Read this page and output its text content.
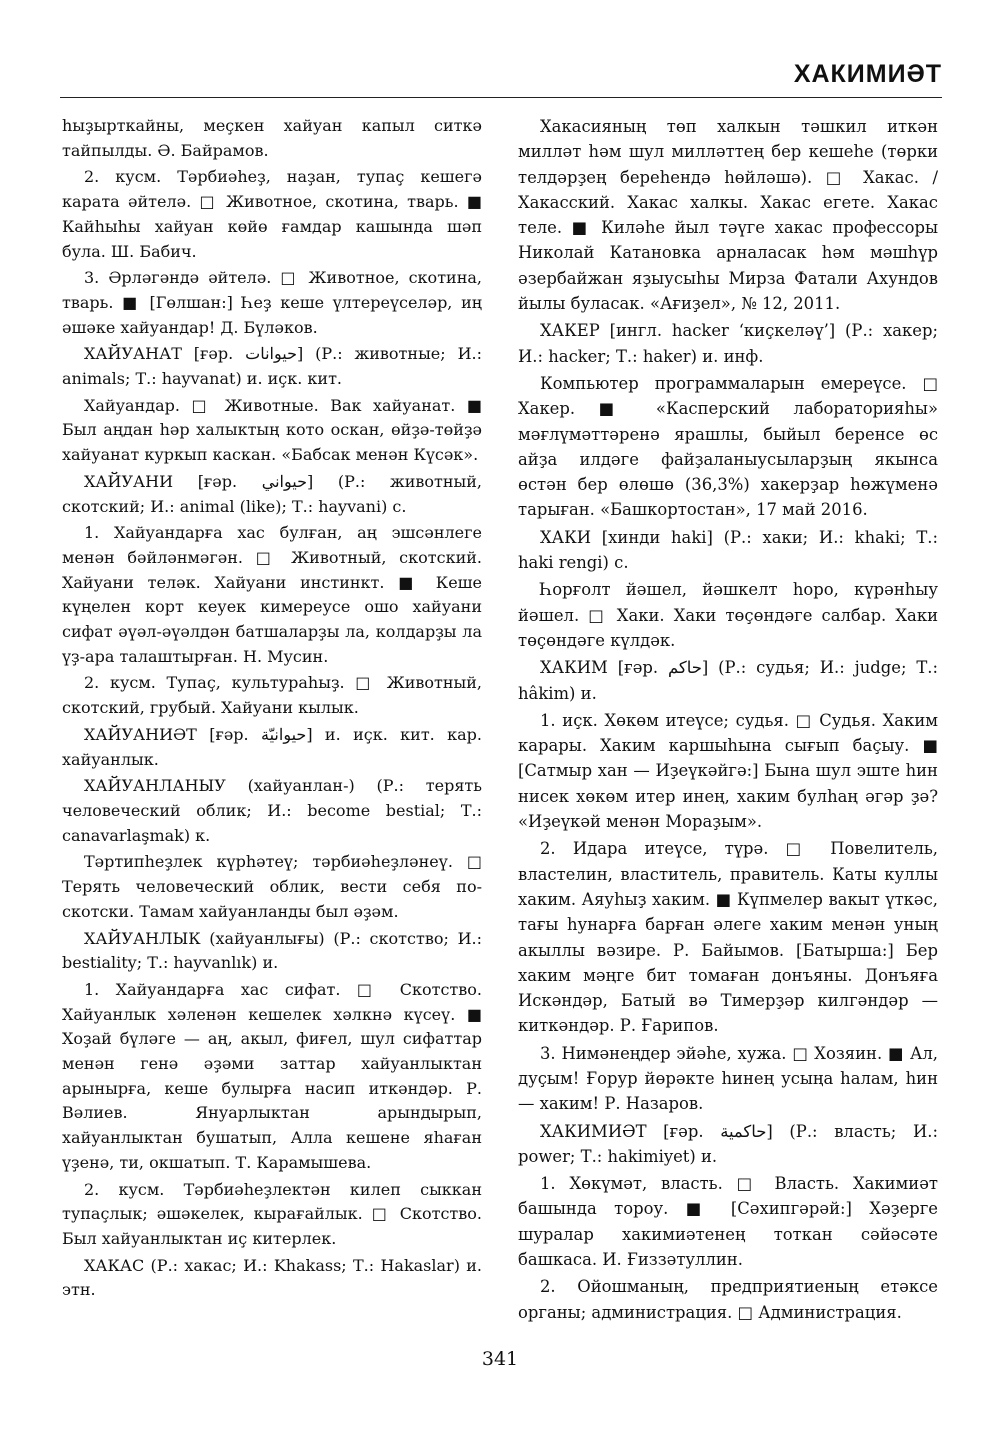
ХАКИМИӘТ

һыҙырткайны, меҫкен хайуан капыл ситкә тайпылды. Ә. Байрамов.

2. кусм. Тәрбиәһеҙ, наҙан, тупаҫ кешегә карата әйтелә. □ Животное, скотина, тварь. ■ Кайһыһы хайуан көйө ғамдар кашында шәп була. Ш. Бабич.

3. Әрләгәндә әйтелә. □ Животное, скотина, тварь. ■ [Гөлшан:] Һеҙ кеше үлтереүселәр, иң әшәке хайуандар! Д. Бүләков.

ХАЙУАНАТ [ғәр. حيوانات] (Р.: животные; И.: animals; Т.: hayvanat) и. иҫк. кит.

Хайуандар. □ Животные. Вак хайуанат. ■ Был аңдан һәр халыктың кото оскан, өйҙә-төйҙә хайуанат куркып каскан. «Бабсак менән Күсәк».

ХАЙУАНИ [ғәр. حيواني] (Р.: животный, скотский; И.: animal (like); Т.: hayvani) с.

1. Хайуандарға хас булған, аң эшсәнлеге менән бәйләнмәгән. □ Животный, скотский. Хайуани теләк. Хайуани инстинкт. ■ Кеше күңелен корт кеуек кимереусе ошо хайуани сифат әүәл-әүәлдән батшаларҙы ла, колдарҙы ла үҙ-ара талаштырған. Н. Мусин.

2. кусм. Тупаҫ, культураһыҙ. □ Животный, скотский, грубый. Хайуани кылык.

ХАЙУАНИӘТ [ғәр. حيوانيّة] и. иҫк. кит. кар. хайуанлык.

ХАЙУАНЛАНЫУ (хайуанлан-) (Р.: терять человеческий облик; И.: become bestial; Т.: canavarlaşmak) к.

Тәртипһеҙлек күрһәтеү; тәрбиәһеҙләнеү. □ Терять человеческий облик, вести себя по-скотски. Тамам хайуанланды был әҙәм.

ХАЙУАНЛЫК (хайуанлығы) (Р.: скотство; И.: bestiality; Т.: hayvanlık) и.

1. Хайуандарға хас сифат. □ Скотство. Хайуанлык хәленән кешелек хәлкнә күсеү. ■ Хоҙай бүләге — аң, акыл, фиғел, шул сифаттар менән генә әҙәми заттар хайуанлыктан арынырға, кеше булырға насип иткәндәр. Р. Вәлиев. Януарлыктан арындырып, хайуанлыктан бушатып, Алла кешене яһаған үҙенә, ти, окшатып. Т. Карамышева.

2. кусм. Тәрбиәһеҙлектән килеп сыккан тупаҫлык; әшәкелек, кырағайлык. □ Скотство. Был хайуанлыктан иҫ китерлек.

ХАКАС (Р.: хакас; И.: Khakass; Т.: Hakaslar) и. этн.

Хакасияның төп халкын тәшкил иткән милләт һәм шул милләттең бер кешеһе (төрки телдәрҙең береһендә һөйләшә). □ Хакас. / Хакасский. Хакас халкы. Хакас егете. Хакас теле. ■ Киләһе йыл тәүге хакас профессоры Николай Катановка арналасак һәм мәшһүр әзербайжан яҙыусыһы Мирза Фатали Ахундов йылы буласак. «Ағиҙел», № 12, 2011.

ХАКЕР [ингл. hacker ‘киҫкеләү’] (Р.: хакер; И.: hacker; Т.: haker) и. инф.

Компьютер программаларын емереүсе. □ Хакер. ■ «Касперский лабораторияһы» мәғлүмәттәренә ярашлы, быйыл беренсе өс айҙа илдәге файҙаланыусыларҙың якынса өстән бер өлөшө (36,3%) хакерҙар һөжүменә тарыған. «Башкортостан», 17 май 2016.

ХАКИ [хинди haki] (Р.: хаки; И.: khaki; Т.: haki rengi) с.

Һорғолт йәшел, йәшкелт һоро, күрәнһыу йәшел. □ Хаки. Хаки төҫөндәге салбар. Хаки төҫөндәге күлдәк.

ХАКИМ [ғәр. حاكم] (Р.: судья; И.: judge; Т.: hâkim) и.

1. иҫк. Хөкөм итеүсе; судья. □ Судья. Хаким карары. Хаким каршыһына сығып баҫыу. ■ [Сатмыр хан — Иҙеүкәйгә:] Бына шул эште һин нисек хөкөм итер инең, хаким булһаң әгәр ҙә? «Иҙеүкәй менән Мораҙым».

2. Идара итеүсе, түрә. □ Повелитель, властелин, властитель, правитель. Каты куллы хаким. Аяуһыҙ хаким. ■ Күпмелер вакыт үткәс, тағы һунарға барған әлеге хаким менән уның акыллы вәзире. Р. Байымов. [Батырша:] Бер хаким мәңге бит томаған донъяны. Донъяға Искәндәр, Батый вә Тимерҙәр килгәндәр — киткәндәр. Р. Ғарипов.

3. Нимәнеңдер эйәһе, хужа. □ Хозяин. ■ Ал, дуҫым! Ғорур йөрәкте һинең усыңа һалам, һин — хаким! Р. Назаров.

ХАКИМИӘТ [ғәр. حاكمية] (Р.: власть; И.: power; Т.: hakimiyet) и.

1. Хөкүмәт, власть. □ Власть. Хакимиәт башында тороу. ■ [Сәхипгәрәй:] Хәҙерге шуралар хакимиәтенең тоткан сәйәсәте башкаса. И. Ғиззәтуллин.

2. Ойошманың, предприятиеның етәксе органы; администрация. □ Администрация.

341
